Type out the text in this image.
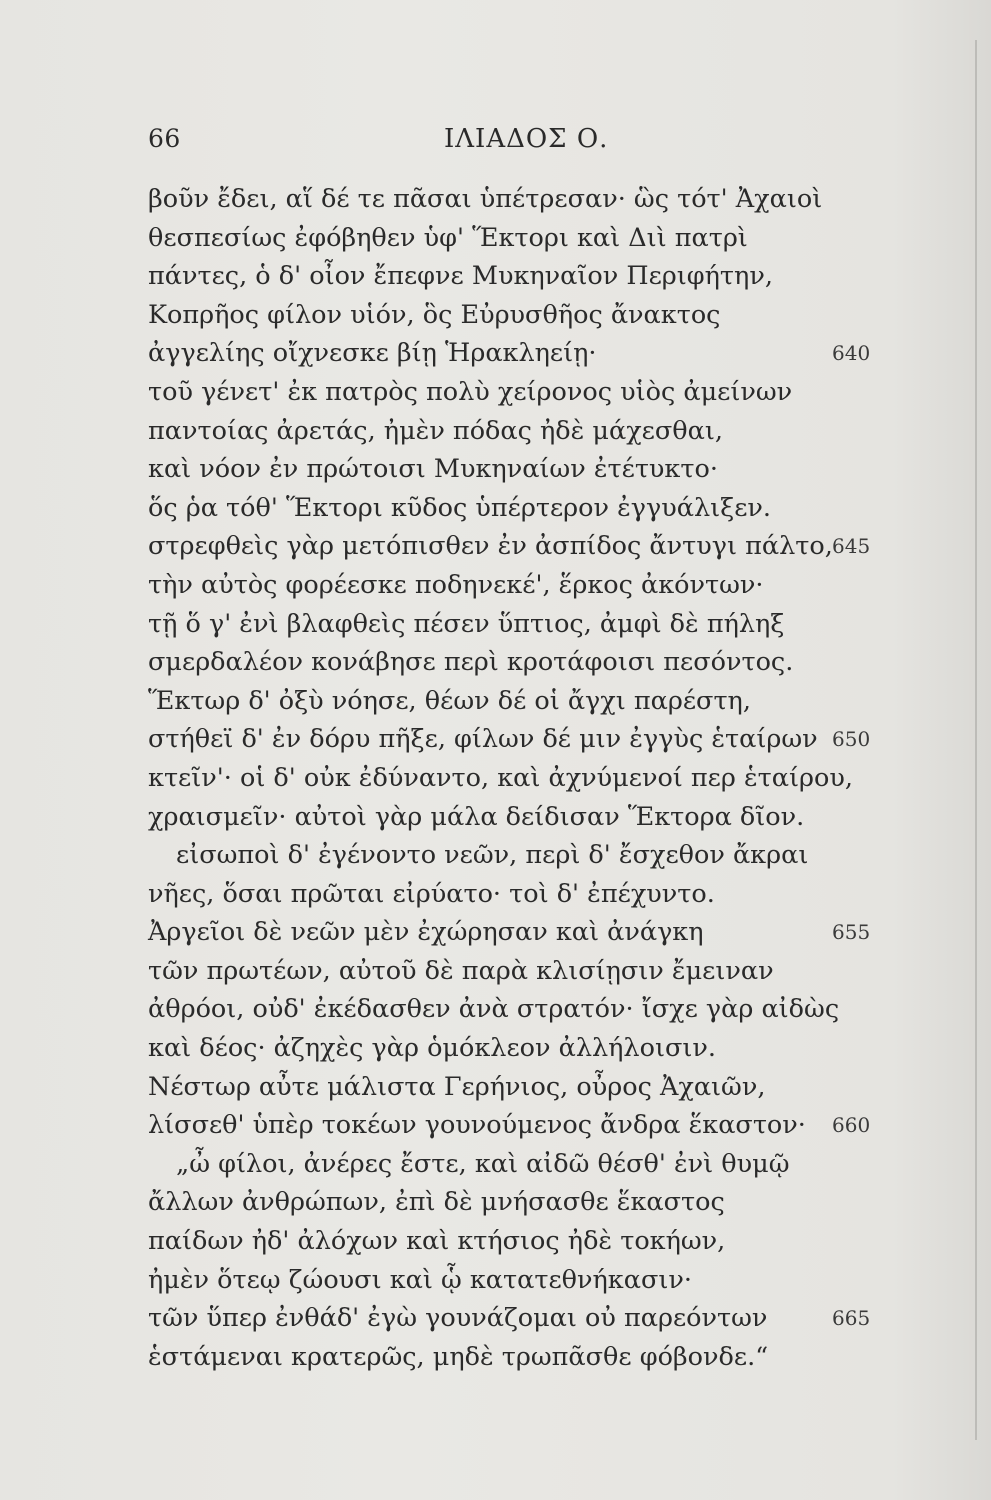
66	ΙΛΙΑΔΟΣ Ο.
βοῦν ἔδει, αἵ δέ τε πᾶσαι ὑπέτρεσαν· ὣς τότ' Ἀχαιοὶ
θεσπεσίως ἐφόβηθεν ὑφ' Ἕκτορι καὶ Διὶ πατρὶ
πάντες, ὁ δ' οἶον ἔπεφνε Μυκηναῖον Περιφήτην,
Κοπρῆος φίλον υἱόν, ὃς Εὐρυσθῆος ἄνακτος
ἀγγελίης οἴχνεσκε βίῃ Ἡρακληείῃ·	640
τοῦ γένετ' ἐκ πατρὸς πολὺ χείρονος υἱὸς ἀμείνων
παντοίας ἀρετάς, ἠμὲν πόδας ἠδὲ μάχεσθαι,
καὶ νόον ἐν πρώτοισι Μυκηναίων ἐτέτυκτο·
ὅς ῥα τόθ' Ἕκτορι κῦδος ὑπέρτερον ἐγγυάλιξεν.
στρεφθεὶς γὰρ μετόπισθεν ἐν ἀσπίδος ἄντυγι πάλτο, 645
τὴν αὐτὸς φορέεσκε ποδηνεκέ', ἕρκος ἀκόντων·
τῇ ὅ γ' ἐνὶ βλαφθεὶς πέσεν ὕπτιος, ἀμφὶ δὲ πήληξ
σμερδαλέον κονάβησε περὶ κροτάφοισι πεσόντος.
Ἕκτωρ δ' ὀξὺ νόησε, θέων δέ οἱ ἄγχι παρέστη,
στήθεϊ δ' ἐν δόρυ πῆξε, φίλων δέ μιν ἐγγὺς ἑταίρων 650
κτεῖν'· οἱ δ' οὐκ ἐδύναντο, καὶ ἀχνύμενοί περ ἑταίρου,
χραισμεῖν· αὐτοὶ γὰρ μάλα δείδισαν Ἕκτορα δῖον.
εἰσωποὶ δ' ἐγένοντο νεῶν, περὶ δ' ἔσχεθον ἄκραι
νῆες, ὅσαι πρῶται εἰρύατο· τοὶ δ' ἐπέχυντο.
Ἀργεῖοι δὲ νεῶν μὲν ἐχώρησαν καὶ ἀνάγκη	655
τῶν πρωτέων, αὐτοῦ δὲ παρὰ κλισίῃσιν ἔμειναν
ἀθρόοι, οὐδ' ἐκέδασθεν ἀνὰ στρατόν· ἴσχε γὰρ αἰδὼς
καὶ δέος· ἀζηχὲς γὰρ ὁμόκλεον ἀλλήλοισιν.
Νέστωρ αὖτε μάλιστα Γερήνιος, οὖρος Ἀχαιῶν,
λίσσεθ' ὑπὲρ τοκέων γουνούμενος ἄνδρα ἕκαστον· 660
„ὦ φίλοι, ἀνέρες ἔστε, καὶ αἰδῶ θέσθ' ἐνὶ θυμῷ
ἄλλων ἀνθρώπων, ἐπὶ δὲ μνήσασθε ἕκαστος
παίδων ἠδ' ἀλόχων καὶ κτήσιος ἠδὲ τοκήων,
ἠμὲν ὅτεῳ ζώουσι καὶ ᾧ κατατεθνήκασιν·
τῶν ὕπερ ἐνθάδ' ἐγὼ γουνάζομαι οὐ παρεόντων	665
ἑστάμεναι κρατερῶς, μηδὲ τρωπᾶσθε φόβονδε.“
